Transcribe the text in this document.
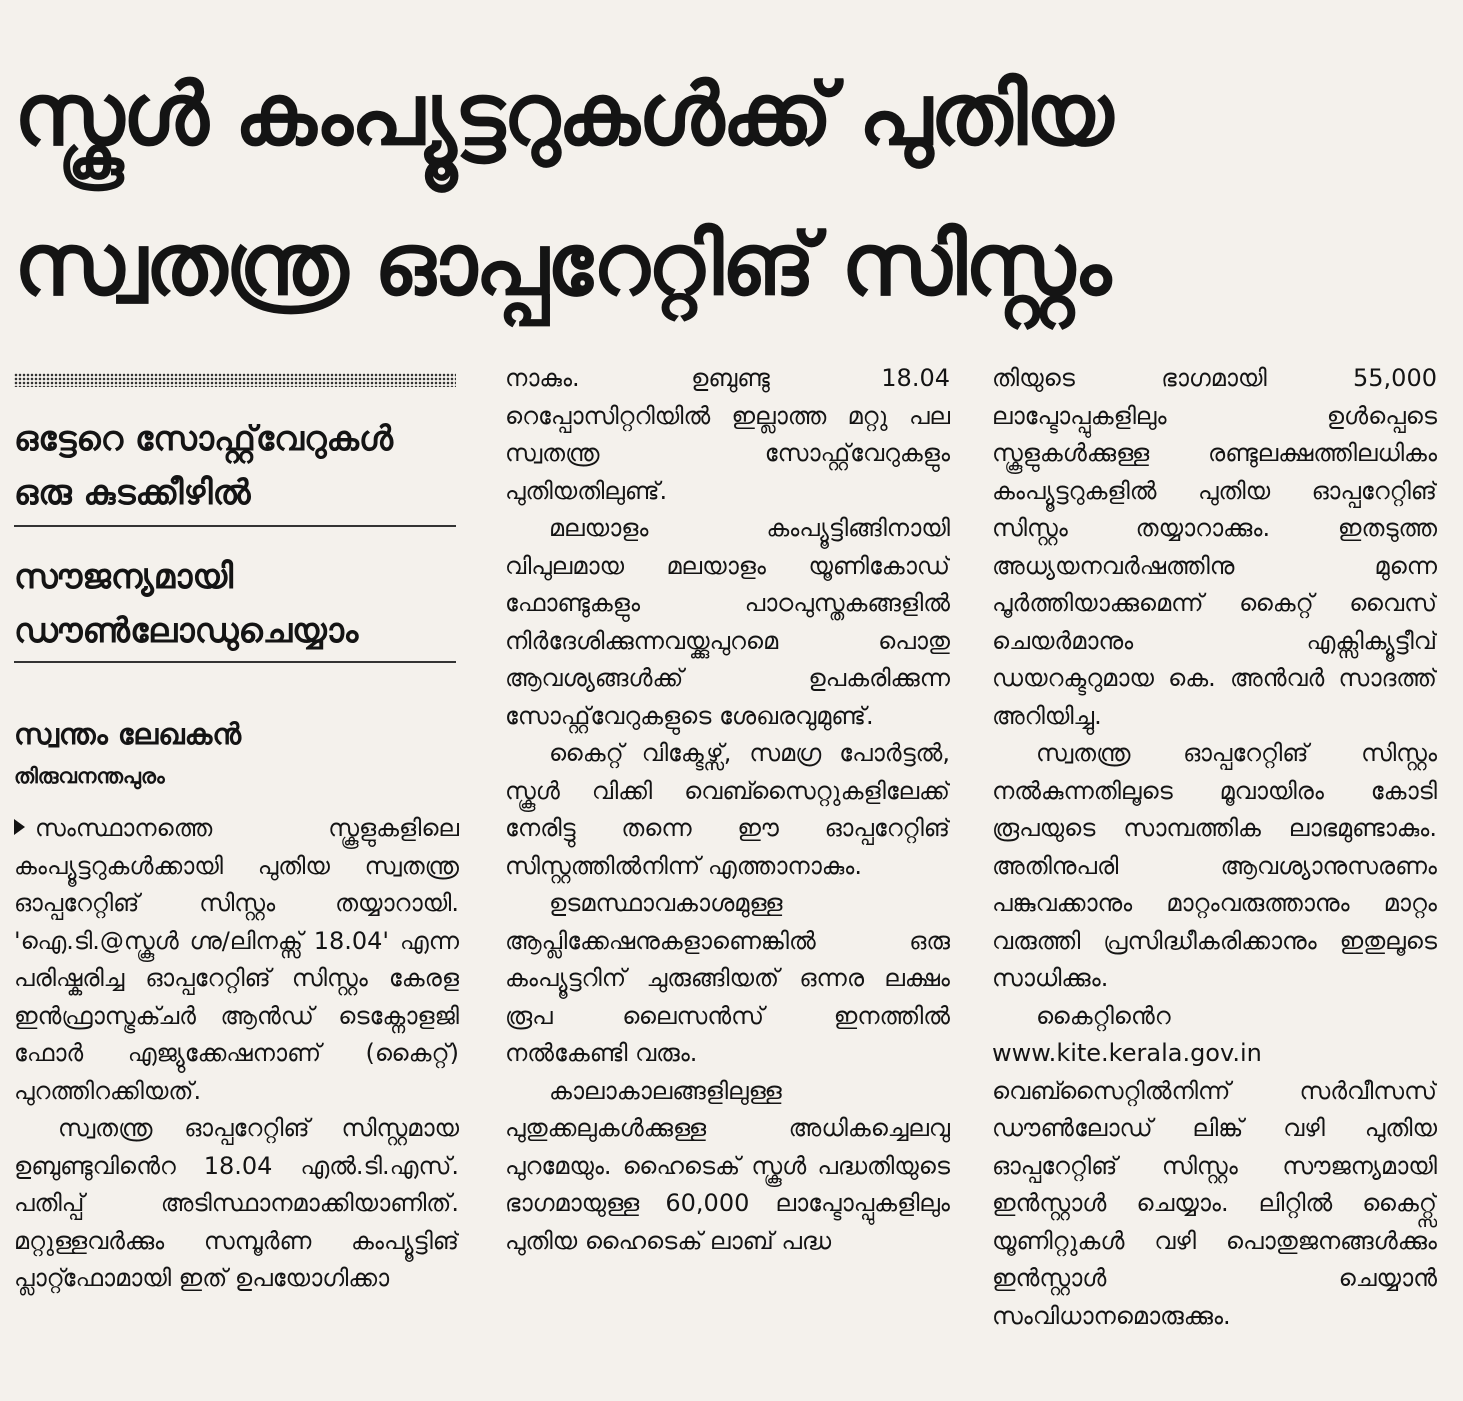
സ്കൂൾ കംപ്യൂട്ടറുകൾക്ക് പുതിയ
സ്വതന്ത്ര ഓപ്പറേറ്റിങ് സിസ്റ്റം
ഒട്ടേറെ സോഫ്റ്റ്‌വേറുകൾ ഒരു കുടക്കീഴിൽ
സൗജന്യമായി ഡൗൺലോഡുചെയ്യാം
സ്വന്തം ലേഖകൻ
തിരുവനന്തപുരം

സംസ്ഥാനത്തെ സ്കൂളുകളിലെ കംപ്യൂട്ടറുകൾക്കായി പുതിയ സ്വതന്ത്ര ഓപ്പറേറ്റിങ് സിസ്റ്റം തയ്യാറായി. 'ഐ.ടി.@സ്കൂൾ ഗ്നു/ലിനക്സ് 18.04' എന്ന പരിഷ്കരിച്ച ഓപ്പറേറ്റിങ് സിസ്റ്റം കേരള ഇൻഫ്രാസ്ട്രക്ചർ ആൻഡ് ടെക്നോളജി ഫോർ എജ്യുക്കേഷനാണ് (കൈറ്റ്) പുറത്തിറക്കിയത്.

സ്വതന്ത്ര ഓപ്പറേറ്റിങ് സിസ്റ്റമായ ഉബുണ്ടുവിൻെറ 18.04 എൽ.ടി.എസ്. പതിപ്പ് അടിസ്ഥാനമാക്കിയാണിത്. മറ്റുള്ളവർക്കും സമ്പൂർണ കംപ്യൂട്ടിങ് പ്ലാറ്റ്ഫോമായി ഇത് ഉപയോഗിക്കാ

നാകും. ഉബുണ്ടു 18.04 റെപ്പോസിറ്ററിയിൽ ഇല്ലാത്ത മറ്റു പല സ്വതന്ത്ര സോഫ്റ്റ്‌വേറുകളും പുതിയതിലുണ്ട്.

മലയാളം കംപ്യൂട്ടിങ്ങിനായി വിപുലമായ മലയാളം യൂണികോഡ് ഫോണ്ടുകളും പാഠപുസ്തകങ്ങളിൽ നിർദേശിക്കുന്നവയ്ക്കുപുറമെ പൊതു ആവശ്യങ്ങൾക്ക് ഉപകരിക്കുന്ന സോഫ്റ്റ്‌വേറുകളുടെ ശേഖരവുമുണ്ട്.

കൈറ്റ് വിക്ടേഴ്സ്, സമഗ്ര പോർട്ടൽ, സ്കൂൾ വിക്കി വെബ്സൈറ്റുകളിലേക്ക് നേരിട്ടു തന്നെ ഈ ഓപ്പറേറ്റിങ് സിസ്റ്റത്തിൽനിന്ന് എത്താനാകും.

ഉടമസ്ഥാവകാശമുള്ള ആപ്ലിക്കേഷനുകളാണെങ്കിൽ ഒരു കംപ്യൂട്ടറിന് ചുരുങ്ങിയത് ഒന്നര ലക്ഷം രൂപ ലൈസൻസ് ഇനത്തിൽ നൽകേണ്ടി വരും.

കാലാകാലങ്ങളിലുള്ള പുതുക്കലുകൾക്കുള്ള അധികച്ചെലവു പുറമേയും. ഹൈടെക് സ്കൂൾ പദ്ധതിയുടെ ഭാഗമായുള്ള 60,000 ലാപ്ടോപ്പുകളിലും പുതിയ ഹൈടെക് ലാബ് പദ്ധ

തിയുടെ ഭാഗമായി 55,000 ലാപ്ടോപ്പുകളിലും ഉൾപ്പെടെ സ്കൂളുകൾക്കുള്ള രണ്ടുലക്ഷത്തിലധികം കംപ്യൂട്ടറുകളിൽ പുതിയ ഓപ്പറേറ്റിങ് സിസ്റ്റം തയ്യാറാക്കും. ഇതടുത്ത അധ്യയനവർഷത്തിനു മുന്നെ പൂർത്തിയാക്കുമെന്ന് കൈറ്റ് വൈസ് ചെയർമാനും എക്സിക്യൂട്ടീവ് ഡയറക്ടറുമായ കെ. അൻവർ സാദത്ത് അറിയിച്ചു.

സ്വതന്ത്ര ഓപ്പറേറ്റിങ് സിസ്റ്റം നൽകുന്നതിലൂടെ മൂവായിരം കോടി രൂപയുടെ സാമ്പത്തിക ലാഭമുണ്ടാകും. അതിനുപരി ആവശ്യാനുസരണം പങ്കുവക്കാനും മാറ്റംവരുത്താനും മാറ്റം വരുത്തി പ്രസിദ്ധീകരിക്കാനും ഇതുലൂടെ സാധിക്കും.

കൈറ്റിൻെറ www.kite.kerala.gov.in വെബ്സൈറ്റിൽനിന്ന് സർവീസസ് ഡൗൺലോഡ് ലിങ്ക് വഴി പുതിയ ഓപ്പറേറ്റിങ് സിസ്റ്റം സൗജന്യമായി ഇൻസ്റ്റാൾ ചെയ്യാം. ലിറ്റിൽ കൈറ്റ്സ് യൂണിറ്റുകൾ വഴി പൊതുജനങ്ങൾക്കും ഇൻസ്റ്റാൾ ചെയ്യാൻ സംവിധാനമൊരുക്കും.
